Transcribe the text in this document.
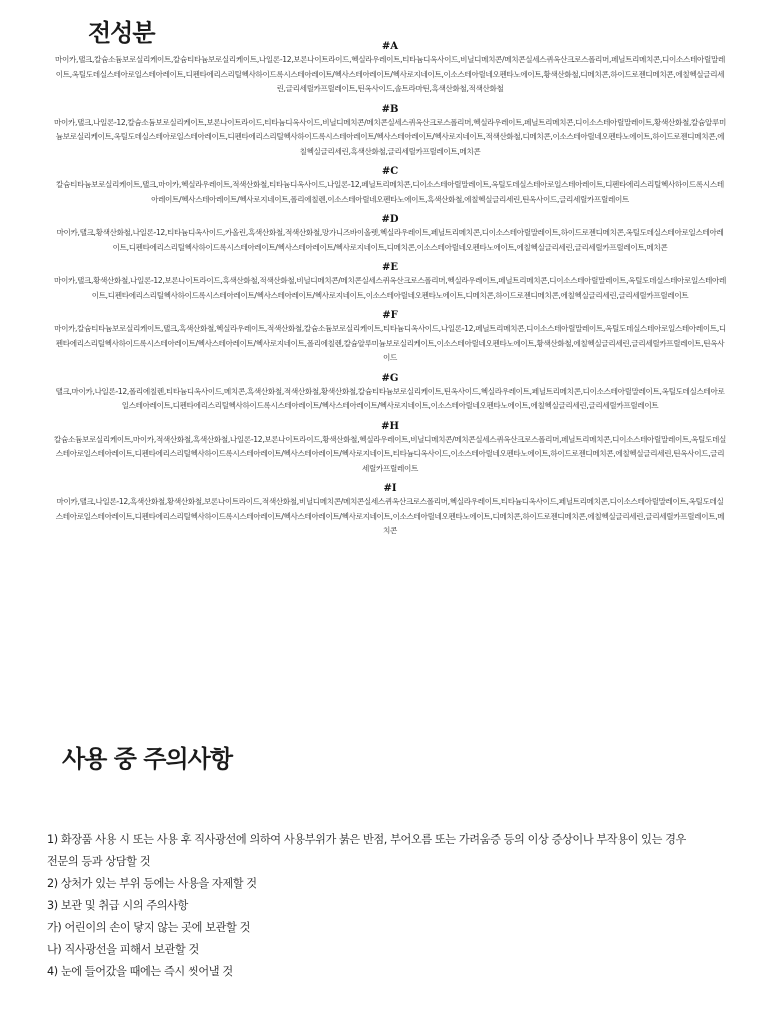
전성분	#A

마이카,탤크,칼슘소듐보로실리케이트,칼슘티타늄보로실리케이트,나일론-12,보론나이트라이드,헥실라우레이트,티타늄디옥사이드,비닐디메치콘/메치콘실세스퀴옥산크로스폴리머,페닐트리메치콘,디이소스테아릴말레이트,옥틸도데실스테아로일스테아레이트,디펜타에리스리틸헥사하이드록시스테아레이트/헥사스테아레이트/헥사로지네이트,이소스테아릴네오펜타노에이트,황색산화철,디메치콘,하이드로젠디메치콘,에칠헥실글리세린,글리세릴카프릴레이트,틴옥사이드,솔트라마틴,흑색산화철,적색산화철

#B

마이카,탤크,나일론-12,칼슘소듐보로실리케이트,보론나이트라이드,티타늄디옥사이드,비닐디메치콘/메치콘실세스퀴옥산크로스폴리머,헥실라우레이트,페닐트리메치콘,디이소스테아릴말레이트,황색산화철,칼슘알루미늄보로실리케이트,옥틸도데실스테아로일스테아레이트,디펜타에리스리틸헥사하이드록시스테아레이트/헥사스테아레이트/헥사로지네이트,적색산화철,디메치콘,이소스테아릴네오펜타노에이트,하이드로젠디메치콘,에칠헥실글리세린,흑색산화철,글리세릴카프릴레이트,메치콘

#C

칼슘티타늄보로실리케이트,탤크,마이카,헥실라우레이트,적색산화철,티타늄디옥사이드,나일론-12,페닐트리메치콘,디이소스테아릴말레이트,옥틸도데실스테아로일스테아레이트,디펜타에리스리틸헥사하이드록시스테아레이트/헥사스테아레이트/헥사로지네이트,폴리에칠렌,이소스테아릴네오펜타노에이트,흑색산화철,에칠헥실글리세린,틴옥사이드,글리세릴카프릴레이트

#D

마이카,탤크,황색산화철,나일론-12,티타늄디옥사이드,카올린,흑색산화철,적색산화철,망가니즈바이올렛,헥실라우레이트,페닐트리메치콘,디이소스테아릴말레이트,하이드로젠디메치콘,옥틸도데실스테아로일스테아레이트,디펜타에리스리틸헥사하이드록시스테아레이트/헥사스테아레이트/헥사로지네이트,디메치콘,이소스테아릴네오펜타노에이트,에칠헥실글리세린,글리세릴카프릴레이트,메치콘

#E

마이카,탤크,황색산화철,나일론-12,보론나이트라이드,흑색산화철,적색산화철,비닐디메치콘/메치콘실세스퀴옥산크로스폴리머,헥실라우레이트,페닐트리메치콘,디이소스테아릴말레이트,옥틸도데실스테아로일스테아레이트,디펜타에리스리틸헥사하이드록시스테아레이트/헥사스테아레이트/헥사로지네이트,이소스테아릴네오펜타노에이트,디메치콘,하이드로젠디메치콘,에칠헥실글리세린,글리세릴카프릴레이트

#F

마이카,칼슘티타늄보로실리케이트,탤크,흑색산화철,헥실라우레이트,적색산화철,칼슘소듐보로실리케이트,티타늄디옥사이드,나일론-12,페닐트리메치콘,디이소스테아릴말레이트,옥틸도데실스테아로일스테아레이트,디펜타에리스리틸헥사하이드록시스테아레이트/헥사스테아레이트/헥사로지네이트,폴리에칠렌,칼슘알루미늄보로실리케이트,이소스테아릴네오펜타노에이트,황색산화철,에칠헥실글리세린,글리세릴카프릴레이트,틴옥사이드

#G

탤크,마이카,나일론-12,폴리에칠렌,티타늄디옥사이드,메치콘,흑색산화철,적색산화철,황색산화철,칼슘티타늄보로실리케이트,틴옥사이드,헥실라우레이트,페닐트리메치콘,디이소스테아릴말레이트,옥틸도데실스테아로일스테아레이트,디펜타에리스리틸헥사하이드록시스테아레이트/헥사스테아레이트/헥사로지네이트,이소스테아릴네오펜타노에이트,에칠헥실글리세린,글리세릴카프릴레이트

#H

칼슘소듐보로실리케이트,마이카,적색산화철,흑색산화철,나일론-12,보론나이트라이드,황색산화철,헥실라우레이트,비닐디메치콘/메치콘실세스퀴옥산크로스폴리머,페닐트리메치콘,디이소스테아릴말레이트,옥틸도데실스테아로일스테아레이트,디펜타에리스리틸헥사하이드록시스테아레이트/헥사스테아레이트/헥사로지네이트,티타늄디옥사이드,이소스테아릴네오펜타노에이트,하이드로젠디메치콘,에칠헥실글리세린,틴옥사이드,글리세릴카프릴레이트

#I

마이카,탤크,나일론-12,흑색산화철,황색산화철,보론나이트라이드,적색산화철,비닐디메치콘/메치콘실세스퀴옥산크로스폴리머,헥실라우레이트,티타늄디옥사이드,페닐트리메치콘,디이소스테아릴말레이트,옥틸도데실스테아로일스테아레이트,디펜타에리스리틸헥사하이드록시스테아레이트/헥사스테아레이트/헥사로지네이트,이소스테아릴네오펜타노에이트,디메치콘,하이드로젠디메치콘,에칠헥실글리세린,글리세릴카프릴레이트,메치콘

사용 중 주의사항
1) 화장품 사용 시 또는 사용 후 직사광선에 의하여 사용부위가 붉은 반점, 부어오름 또는 가려움증 등의 이상 증상이나 부작용이 있는 경우
전문의 등과 상담할 것
2) 상처가 있는 부위 등에는 사용을 자제할 것
3) 보관 및 취급 시의 주의사항
가) 어린이의 손이 닿지 않는 곳에 보관할 것
나) 직사광선을 피해서 보관할 것
4) 눈에 들어갔을 때에는 즉시 씻어낼 것
